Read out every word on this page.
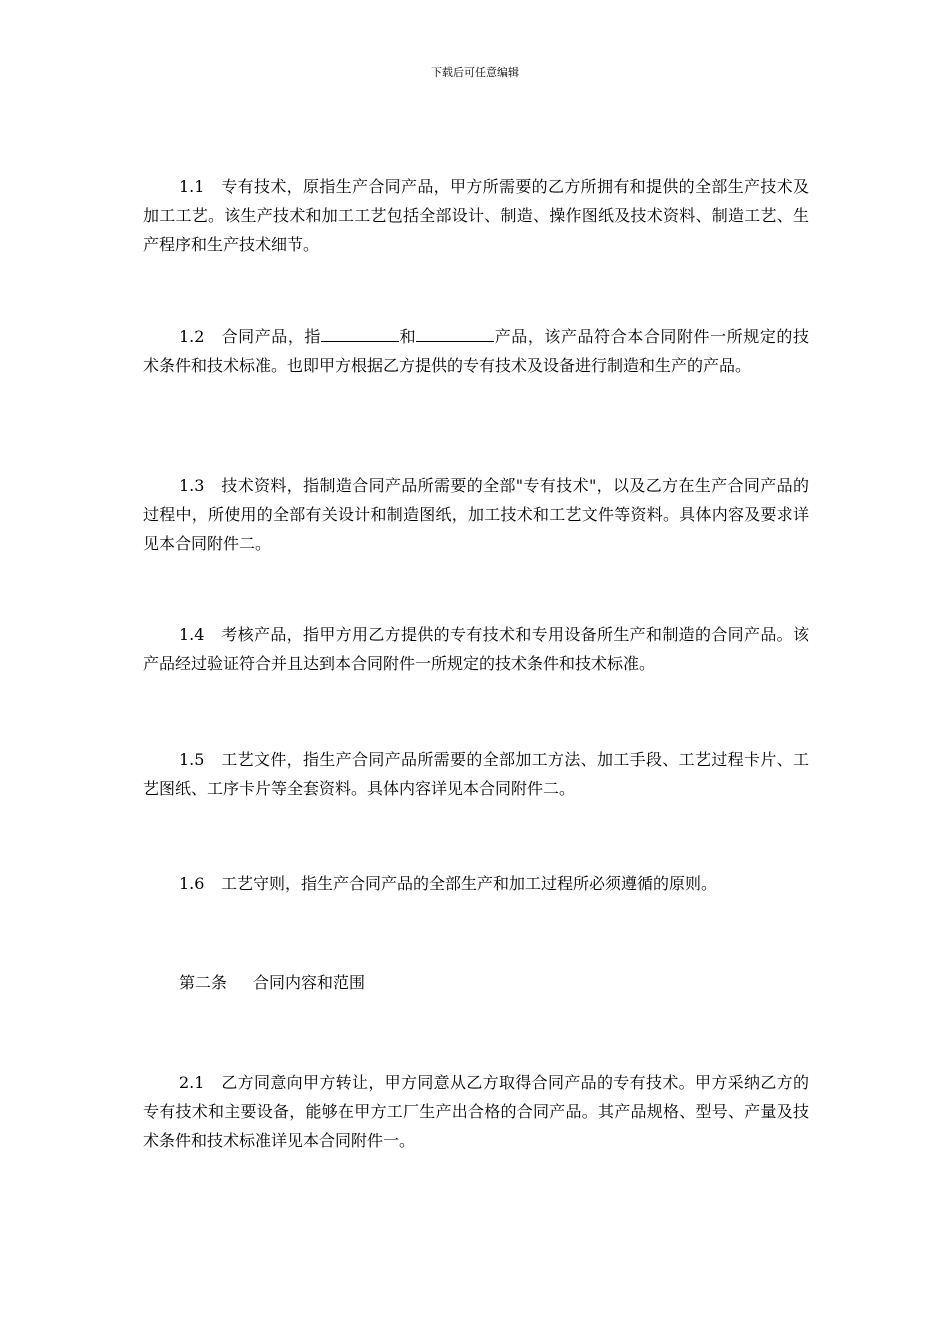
下载后可任意编辑
1.1 专有技术，原指生产合同产品，甲方所需要的乙方所拥有和提供的全部生产技术及加工工艺。该生产技术和加工工艺包括全部设计、制造、操作图纸及技术资料、制造工艺、生产程序和生产技术细节。
1.2 合同产品，指	和	产品，该产品符合本合同附件一所规定的技术条件和技术标准。也即甲方根据乙方提供的专有技术及设备进行制造和生产的产品。
1.3 技术资料，指制造合同产品所需要的全部"专有技术"，以及乙方在生产合同产品的过程中，所使用的全部有关设计和制造图纸，加工技术和工艺文件等资料。具体内容及要求详见本合同附件二。
1.4 考核产品，指甲方用乙方提供的专有技术和专用设备所生产和制造的合同产品。该产品经过验证符合并且达到本合同附件一所规定的技术条件和技术标准。
1.5 工艺文件，指生产合同产品所需要的全部加工方法、加工手段、工艺过程卡片、工艺图纸、工序卡片等全套资料。具体内容详见本合同附件二。
1.6 工艺守则，指生产合同产品的全部生产和加工过程所必须遵循的原则。
第二条 合同内容和范围
2.1 乙方同意向甲方转让，甲方同意从乙方取得合同产品的专有技术。甲方采纳乙方的专有技术和主要设备，能够在甲方工厂生产出合格的合同产品。其产品规格、型号、产量及技术条件和技术标准详见本合同附件一。
